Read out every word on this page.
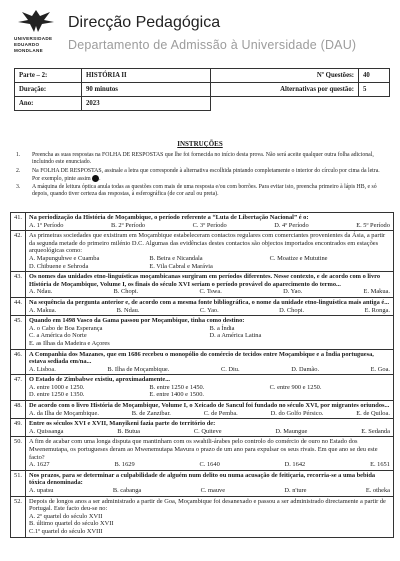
UNIVERSIDADE
EDUARDO
MONDLANE
Direcção Pedagógica
Departamento de Admissão à Universidade (DAU)
Parte – 2:	HISTÓRIA II	Nº Questões:	40
Duração:	90 minutos	Alternativas por questão:	5
Ano:	2023		
INSTRUÇÕES
1. Preencha as suas respostas na FOLHA DE RESPOSTAS que lhe foi fornecida no início desta prova. Não será aceite qualquer outra folha adicional, incluindo este enunciado.
2. Na FOLHA DE RESPOSTAS, assinale a letra que corresponde à alternativa escolhida pintando completamente o interior do círculo por cima da letra. Por exemplo, pinte assim .
3. A máquina de leitura óptica anula todas as questões com mais de uma resposta e/ou com borrões. Para evitar isto, preencha primeiro à lápis HB, e só depois, quando tiver certeza das respostas, à esferográfica (de cor azul ou preta).
41.	Na periodização da História de Moçambique, o período referente a “Luta de Libertação Nacional” é o:
A. 1º Período	B. 2º Período	C. 3º Período	D. 4º Período	E. 5º Período
42.	As primeiras sociedades que existiram em Moçambique estabeleceram contactos regulares com comerciantes provenientes da Ásia, a partir da segunda metade do primeiro milénio D.C. Algumas das evidências destes contactos são objectos importados encontrados em estações arqueológicas como:
A. Mapunguhwe e Cuamba	B. Beira e Nicandala	C. Moatize e Mututine
D. Chibuene e Sehroda	E. Vila Cabral e Marávia
43.	Os nomes das unidades etno-linguísticas moçambicanas surgiram em períodos diferentes. Nesse contexto, e de acordo com o livro História de Moçambique, Volume I, os finais do século XVI seriam o período provável do aparecimento do termo...
A. Ndau.	B. Chopi.	C. Tswa.	D. Yao.	E. Makua.
44.	Na sequência da pergunta anterior e, de acordo com a mesma fonte bibliográfica, o nome da unidade etno-linguística mais antiga é...
A. Makua.	B. Ndau.	C. Yao.	D. Chopi.	E. Ronga.
45.	Quando em 1498 Vasco da Gama passou por Moçambique, tinha como destino:
A. o Cabo de Boa Esperança	B. a Índia
C. a América do Norte	D. a América Latina
E. as Ilhas da Madeira e Açores
46.	A Companhia dos Mazanes, que em 1686 recebeu o monopólio do comércio de tecidos entre Moçambique e a Índia portuguesa, estava sediada em/na...
A. Lisboa.	B. Ilha de Moçambique.	C. Diu.	D. Damão.	E. Goa.
47.	O Estado de Zimbabwe existiu, aproximadamente...
A. entre 1000 e 1250.	B. entre 1250 e 1450.	C. entre 900 e 1250.
D. entre 1250 e 1350.	E. entre 1400 e 1500.
48.	De acordo com o livro História de Moçambique, Volume I, o Xeicado de Sancul foi fundado no século XVI, por migrantes oriundos...
A. da Ilha de Moçambique.	B. de Zanzibar.	C. de Pemba.	D. do Golfo Pérsico.	E. de Quiloa.
49.	Entre os séculos XVI e XVII, Manyikeni fazia parte do território de:
A. Quissanga	B. Butua	C. Quiteve	D. Maungue	E. Sedanda
50.	A fim de acabar com uma longa disputa que mantinham com os swahili-árabes pelo controlo do comércio de ouro no Estado dos Mwenemutapa, os portugueses deram ao Mwenemutapa Mavura o prazo de um ano para expulsar os seus rivais. Em que ano se deu este facto?
A. 1627	B. 1629	C. 1640	D. 1642	E. 1651
51.	Nos prazos, para se determinar a culpabilidade de alguém num delito ou numa acusação de feitiçaria, recorria-se a uma bebida tóxica denominada:
A. upatsu	B. cabanga	C. mauve	D. n'ture	E. otheka
52.	Depois de longos anos a ser administrado a partir de Goa, Moçambique foi desanexado e passou a ser administrado directamente a partir de Portugal. Este facto deu-se no:
A. 2º quartel do século XVII
B. último quartel do século XVII
C.1º quartel do século XVIII
